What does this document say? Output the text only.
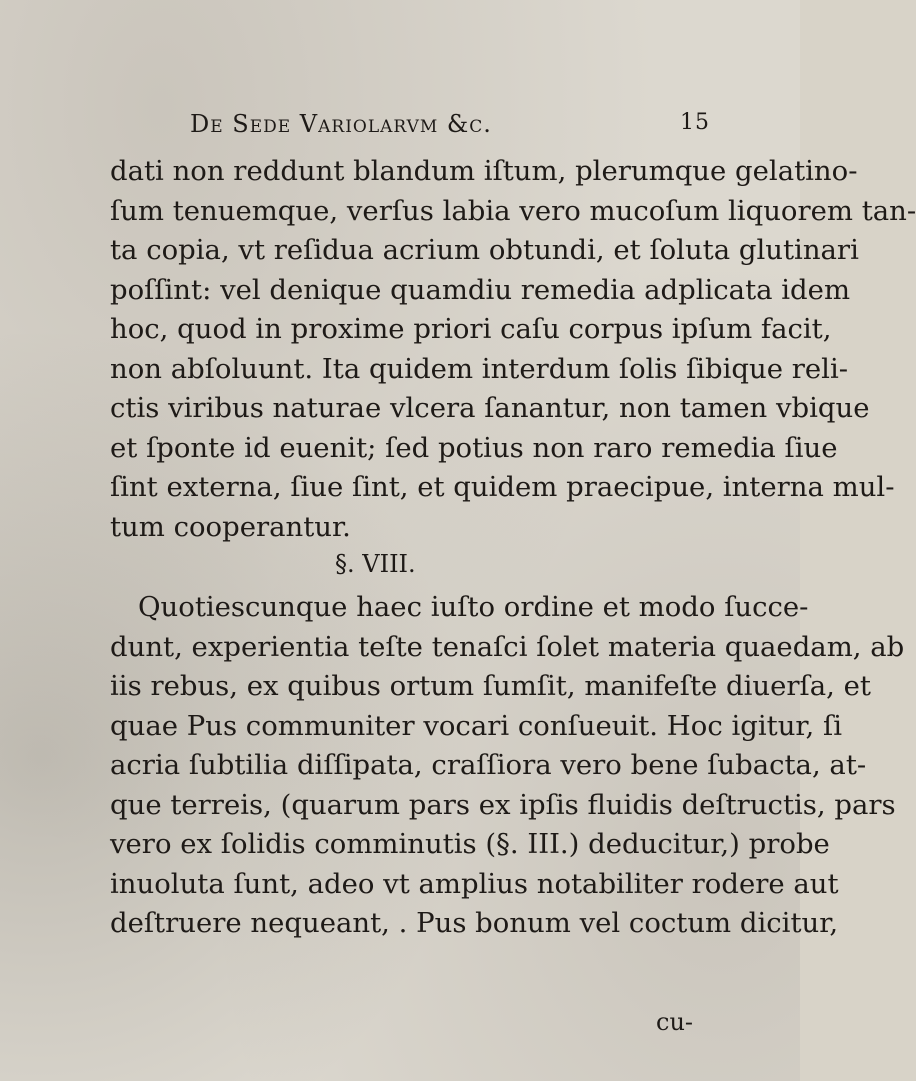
De Sede Variolarvm &c.	15
dati non reddunt blandum iſtum, plerumque gelatino-
ſum tenuemque, verſus labia vero mucoſum liquorem tan-
ta copia, vt reſidua acrium obtundi, et ſoluta glutinari
poſſint: vel denique quamdiu remedia adplicata idem
hoc, quod in proxime priori caſu corpus ipſum facit,
non abſoluunt. Ita quidem interdum ſolis ſibique reli-
ctis viribus naturae vlcera ſanantur, non tamen vbique
et ſponte id euenit; ſed potius non raro remedia ſiue
ſint externa, ſiue ſint, et quidem praecipue, interna mul-
tum cooperantur.
§. VIII.
Quotiescunque haec iuſto ordine et modo ſucce-
dunt, experientia teſte tenaſci ſolet materia quaedam, ab
iis rebus, ex quibus ortum ſumſit, manifeſte diuerſa, et
quae Pus communiter vocari conſueuit. Hoc igitur, ſi
acria ſubtilia diſſipata, craſſiora vero bene ſubacta, at-
que terreis, (quarum pars ex ipſis fluidis deſtructis, pars
vero ex ſolidis comminutis (§. III.) deducitur,) probe
inuoluta ſunt, adeo vt amplius notabiliter rodere aut
deſtruere nequeant, . Pus bonum vel coctum dicitur,
cu-
